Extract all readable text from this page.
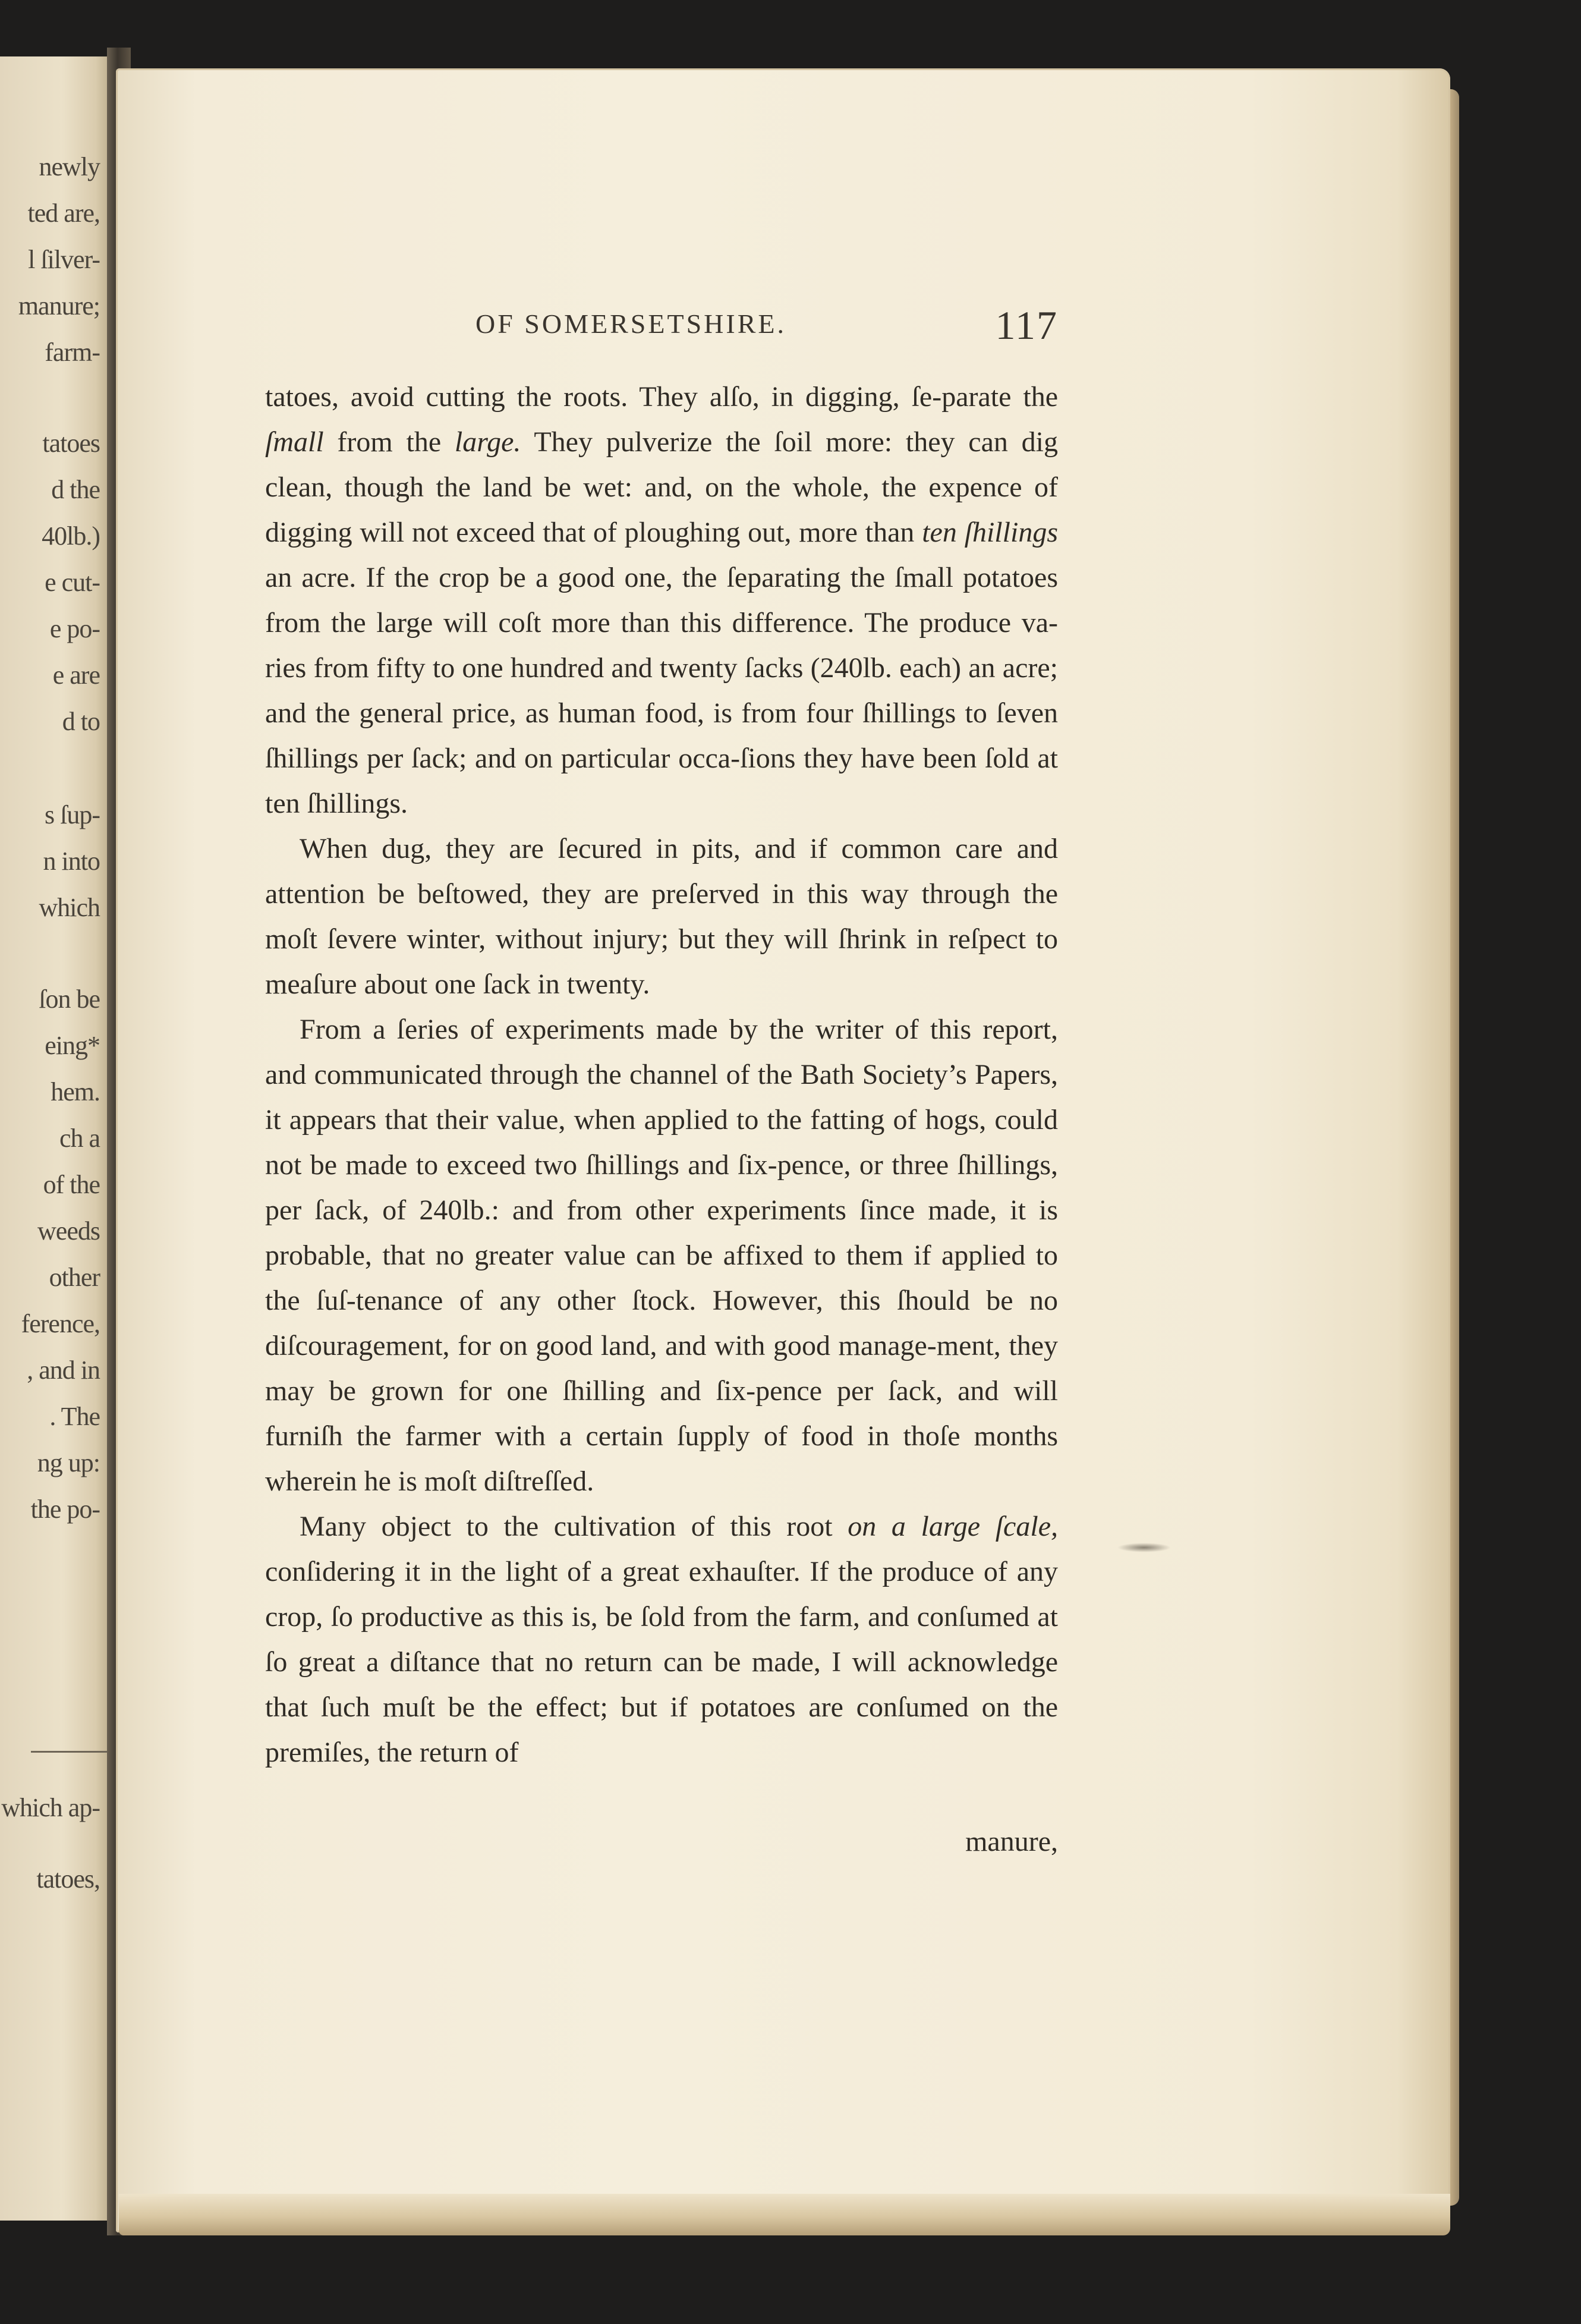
newly
ted are,
l ſilver-
manure;
farm-
tatoes
d the
40lb.)
e cut-
e po-
e are
d to
s ſup-
n into
which
ſon be
eing*
hem.
ch a
of the
weeds
other
ference,
, and in
. The
ng up:
the po-
which ap-
tatoes,
OF SOMERSETSHIRE.	117

tatoes, avoid cutting the roots. They alſo, in digging, ſe-parate the ſmall from the large. They pulverize the ſoil more: they can dig clean, though the land be wet: and, on the whole, the expence of digging will not exceed that of ploughing out, more than ten ſhillings an acre. If the crop be a good one, the ſeparating the ſmall potatoes from the large will coſt more than this difference. The produce va-ries from fifty to one hundred and twenty ſacks (240lb. each) an acre; and the general price, as human food, is from four ſhillings to ſeven ſhillings per ſack; and on particular occa-ſions they have been ſold at ten ſhillings.

When dug, they are ſecured in pits, and if common care and attention be beſtowed, they are preſerved in this way through the moſt ſevere winter, without injury; but they will ſhrink in reſpect to meaſure about one ſack in twenty.

From a ſeries of experiments made by the writer of this report, and communicated through the channel of the Bath Society’s Papers, it appears that their value, when applied to the fatting of hogs, could not be made to exceed two ſhillings and ſix-pence, or three ſhillings, per ſack, of 240lb.: and from other experiments ſince made, it is probable, that no greater value can be affixed to them if applied to the ſuſ-tenance of any other ſtock. However, this ſhould be no diſcouragement, for on good land, and with good manage-ment, they may be grown for one ſhilling and ſix-pence per ſack, and will furniſh the farmer with a certain ſupply of food in thoſe months wherein he is moſt diſtreſſed.

Many object to the cultivation of this root on a large ſcale, conſidering it in the light of a great exhauſter. If the produce of any crop, ſo productive as this is, be ſold from the farm, and conſumed at ſo great a diſtance that no return can be made, I will acknowledge that ſuch muſt be the effect; but if potatoes are conſumed on the premiſes, the return of

manure,
